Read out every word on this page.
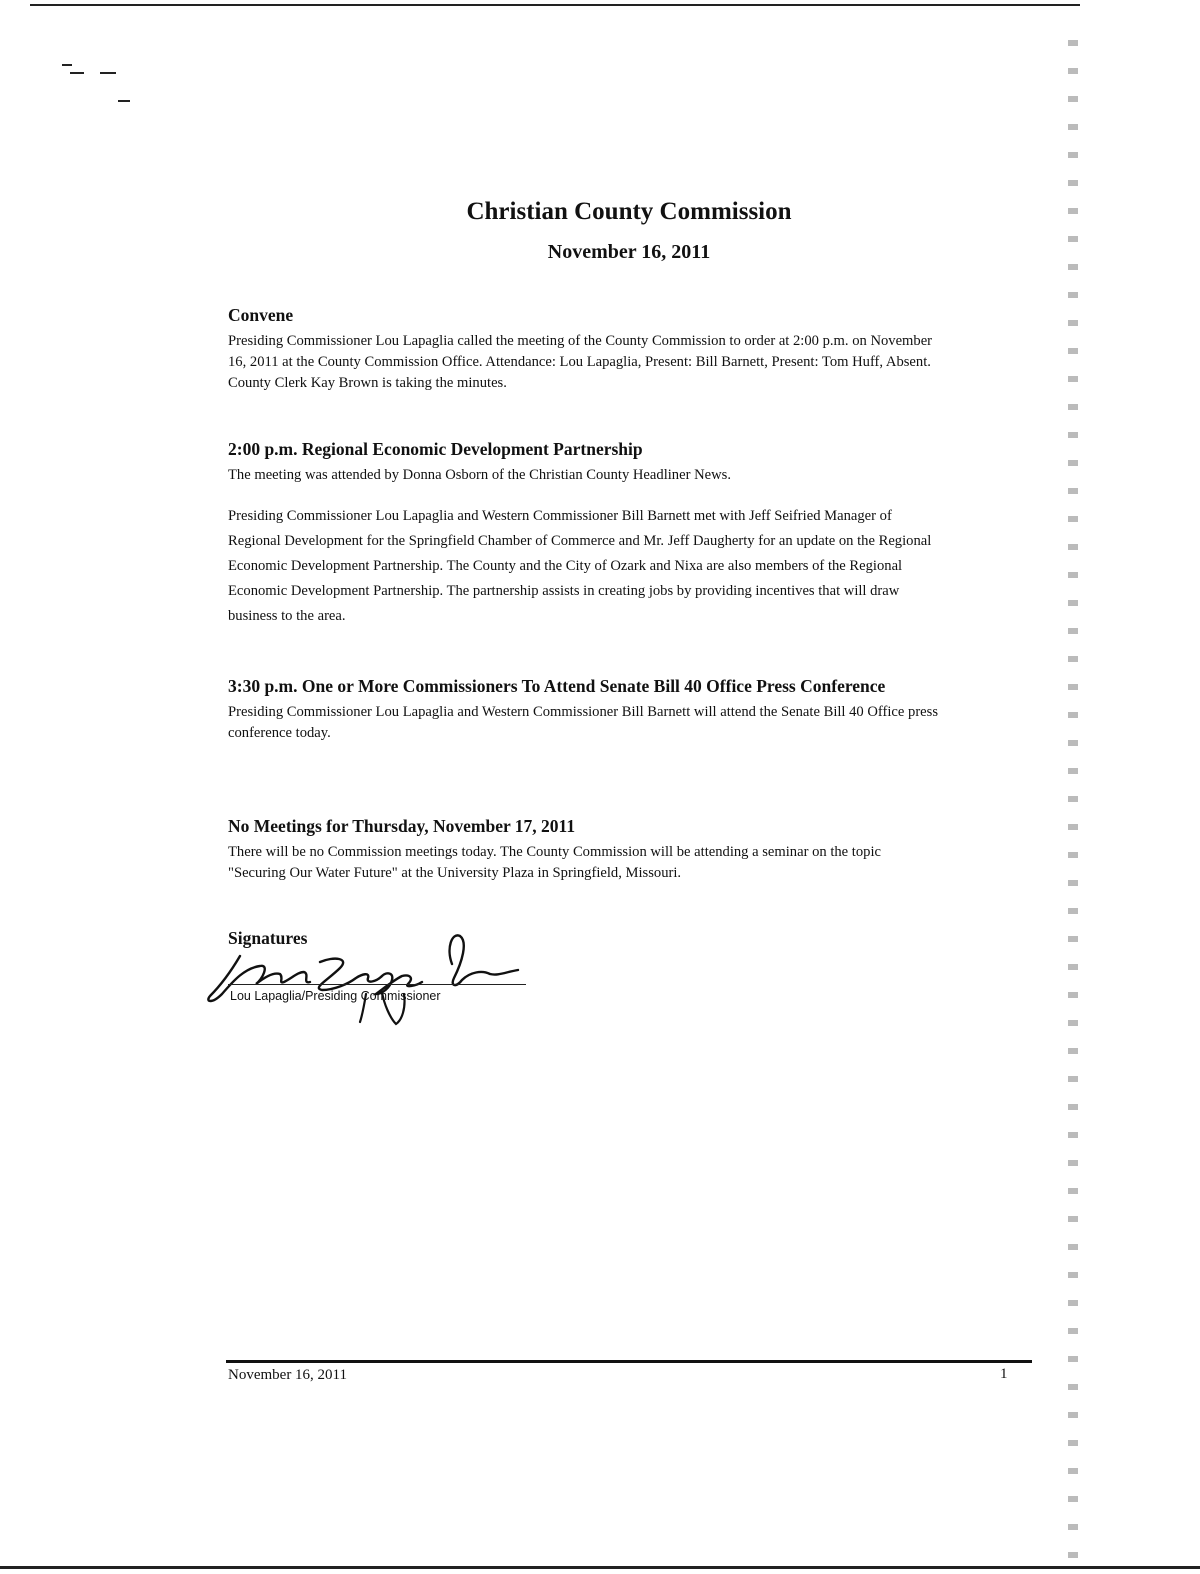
Christian County Commission
November 16, 2011
Convene

Presiding Commissioner Lou Lapaglia called the meeting of the County Commission to order at 2:00 p.m. on November 16, 2011 at the County Commission Office. Attendance: Lou Lapaglia, Present: Bill Barnett, Present: Tom Huff, Absent. County Clerk Kay Brown is taking the minutes.

2:00 p.m. Regional Economic Development Partnership

The meeting was attended by Donna Osborn of the Christian County Headliner News.

Presiding Commissioner Lou Lapaglia and Western Commissioner Bill Barnett met with Jeff Seifried Manager of Regional Development for the Springfield Chamber of Commerce and Mr. Jeff Daugherty for an update on the Regional Economic Development Partnership. The County and the City of Ozark and Nixa are also members of the Regional Economic Development Partnership. The partnership assists in creating jobs by providing incentives that will draw business to the area.

3:30 p.m. One or More Commissioners To Attend Senate Bill 40 Office Press Conference

Presiding Commissioner Lou Lapaglia and Western Commissioner Bill Barnett will attend the Senate Bill 40 Office press conference today.

No Meetings for Thursday, November 17, 2011

There will be no Commission meetings today. The County Commission will be attending a seminar on the topic "Securing Our Water Future" at the University Plaza in Springfield, Missouri.

Signatures
Lou Lapaglia/Presiding Commissioner
November 16, 2011	1
